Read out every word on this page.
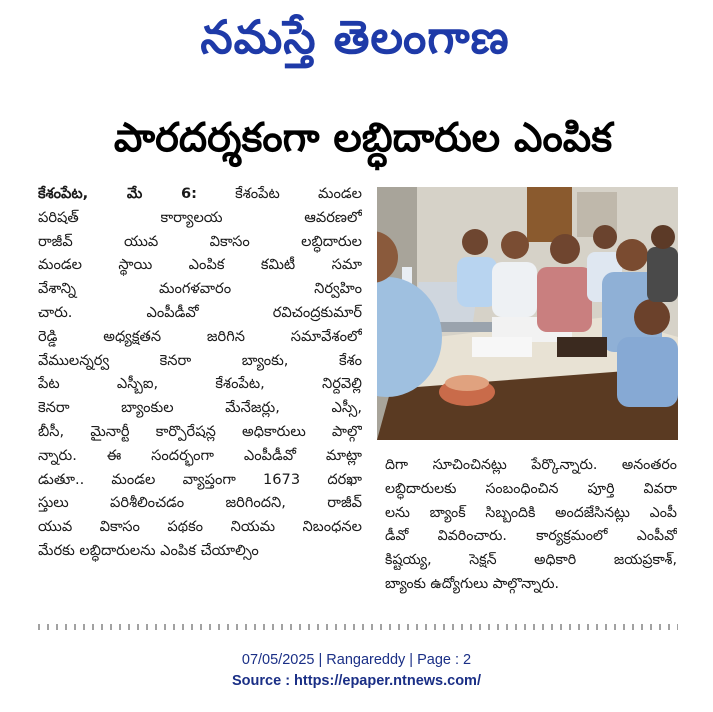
నమస్తే తెలంగాణ
పారదర్శకంగా లబ్ధిదారుల ఎంపిక

కేశంపేట, మే 6:	కేశంపేట మండల

పరిషత్ కార్యాలయ ఆవరణలో

రాజీవ్ యువ వికాసం లబ్ధిదారుల

మండల స్థాయి ఎంపిక కమిటీ సమా

వేశాన్ని మంగళవారం నిర్వహిం

చారు. ఎంపీడీవో రవిచంద్రకుమార్

రెడ్డి అధ్యక్షతన జరిగిన సమావేశంలో

వేములన్నర్వ కెనరా బ్యాంకు, కేశం

పేట ఎస్బీఐ, కేశంపేట, నిర్దవెల్లి

కెనరా బ్యాంకుల మేనేజర్లు, ఎస్సీ,

బీసీ, మైనార్టీ కార్పొరేషన్ల అధికారులు పాల్గొ

న్నారు. ఈ సందర్భంగా ఎంపీడీవో మాట్లా

డుతూ.. మండల వ్యాప్తంగా 1673 దరఖా

స్తులు పరిశీలించడం జరిగిందని, రాజీవ్

యువ వికాసం పథకం నియమ నిబంధనల

మేరకు లబ్ధిదారులను ఎంపిక చేయాల్సిం

దిగా సూచించినట్లు పేర్కొన్నారు. అనంతరం

లబ్ధిదారులకు సంబంధించిన పూర్తి వివరా

లను బ్యాంక్ సిబ్బందికి అందజేసినట్లు ఎంపీ

డీవో వివరించారు. కార్యక్రమంలో ఎంపీవో

కిష్టయ్య, సెక్షన్ అధికారి జయప్రకాశ్,

బ్యాంకు ఉద్యోగులు పాల్గొన్నారు.

07/05/2025 | Rangareddy | Page : 2
Source : https://epaper.ntnews.com/
